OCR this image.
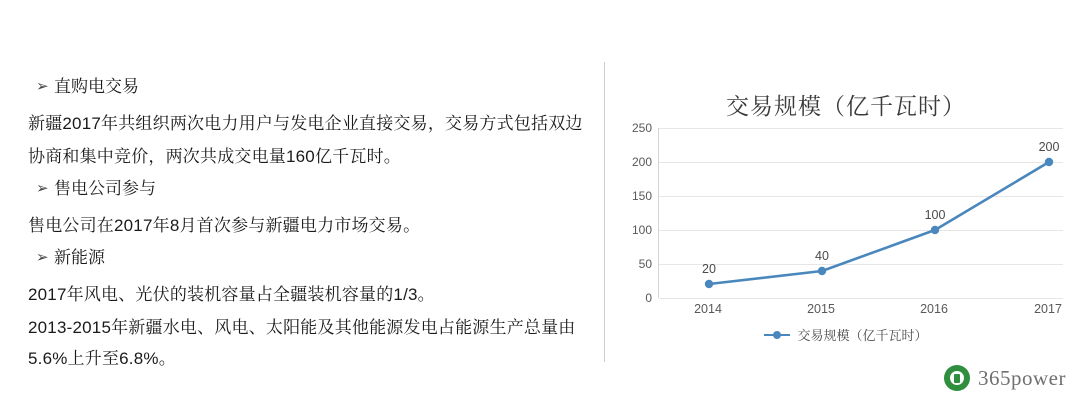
➢ 直购电交易

新疆2017年共组织两次电力用户与发电企业直接交易，交易方式包括双边

协商和集中竞价，两次共成交电量160亿千瓦时。

➢ 售电公司参与

售电公司在2017年8月首次参与新疆电力市场交易。

➢ 新能源

2017年风电、光伏的装机容量占全疆装机容量的1/3。

2013-2015年新疆水电、风电、太阳能及其他能源发电占能源生产总量由

5.6%上升至6.8%。

交易规模（亿千瓦时）
0
50
100
150
200
250
20
40
100
200
2014	2015	2016	2017
交易规模（亿千瓦时）
365power
